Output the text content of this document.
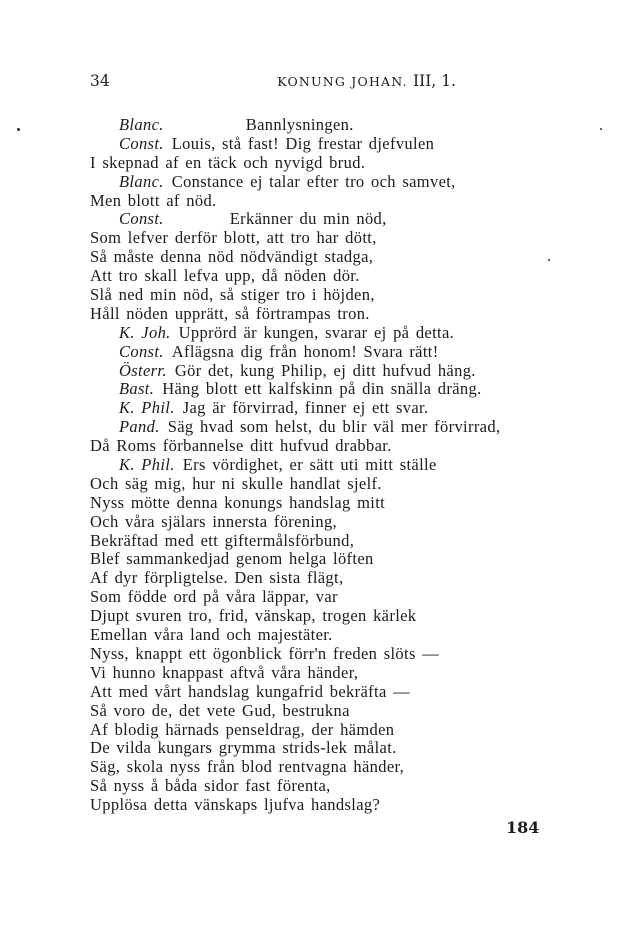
34	KONUNG JOHAN. III, 1.
Blanc.	Bannlysningen.
Const. Louis, stå fast! Dig frestar djefvulen
I skepnad af en täck och nyvigd brud.
Blanc. Constance ej talar efter tro och samvet,
Men blott af nöd.
Const.	Erkänner du min nöd,
Som lefver derför blott, att tro har dött,
Så måste denna nöd nödvändigt stadga,
Att tro skall lefva upp, då nöden dör.
Slå ned min nöd, så stiger tro i höjden,
Håll nöden upprätt, så förtrampas tron.
K. Joh. Upprörd är kungen, svarar ej på detta.
Const. Aflägsna dig från honom! Svara rätt!
Österr. Gör det, kung Philip, ej ditt hufvud häng.
Bast. Häng blott ett kalfskinn på din snälla dräng.
K. Phil. Jag är förvirrad, finner ej ett svar.
Pand. Säg hvad som helst, du blir väl mer förvirrad,
Då Roms förbannelse ditt hufvud drabbar.
K. Phil. Ers vördighet, er sätt uti mitt ställe
Och säg mig, hur ni skulle handlat sjelf.
Nyss mötte denna konungs handslag mitt
Och våra själars innersta förening,
Bekräftad med ett giftermålsförbund,
Blef sammankedjad genom helga löften
Af dyr förpligtelse. Den sista flägt,
Som födde ord på våra läppar, var
Djupt svuren tro, frid, vänskap, trogen kärlek
Emellan våra land och majestäter.
Nyss, knappt ett ögonblick förr'n freden slöts —
Vi hunno knappast aftvå våra händer,
Att med vårt handslag kungafrid bekräfta —
Så voro de, det vete Gud, bestrukna
Af blodig härnads penseldrag, der hämden
De vilda kungars grymma strids-lek målat.
Säg, skola nyss från blod rentvagna händer,
Så nyss å båda sidor fast förenta,
Upplösa detta vänskaps ljufva handslag?
184
